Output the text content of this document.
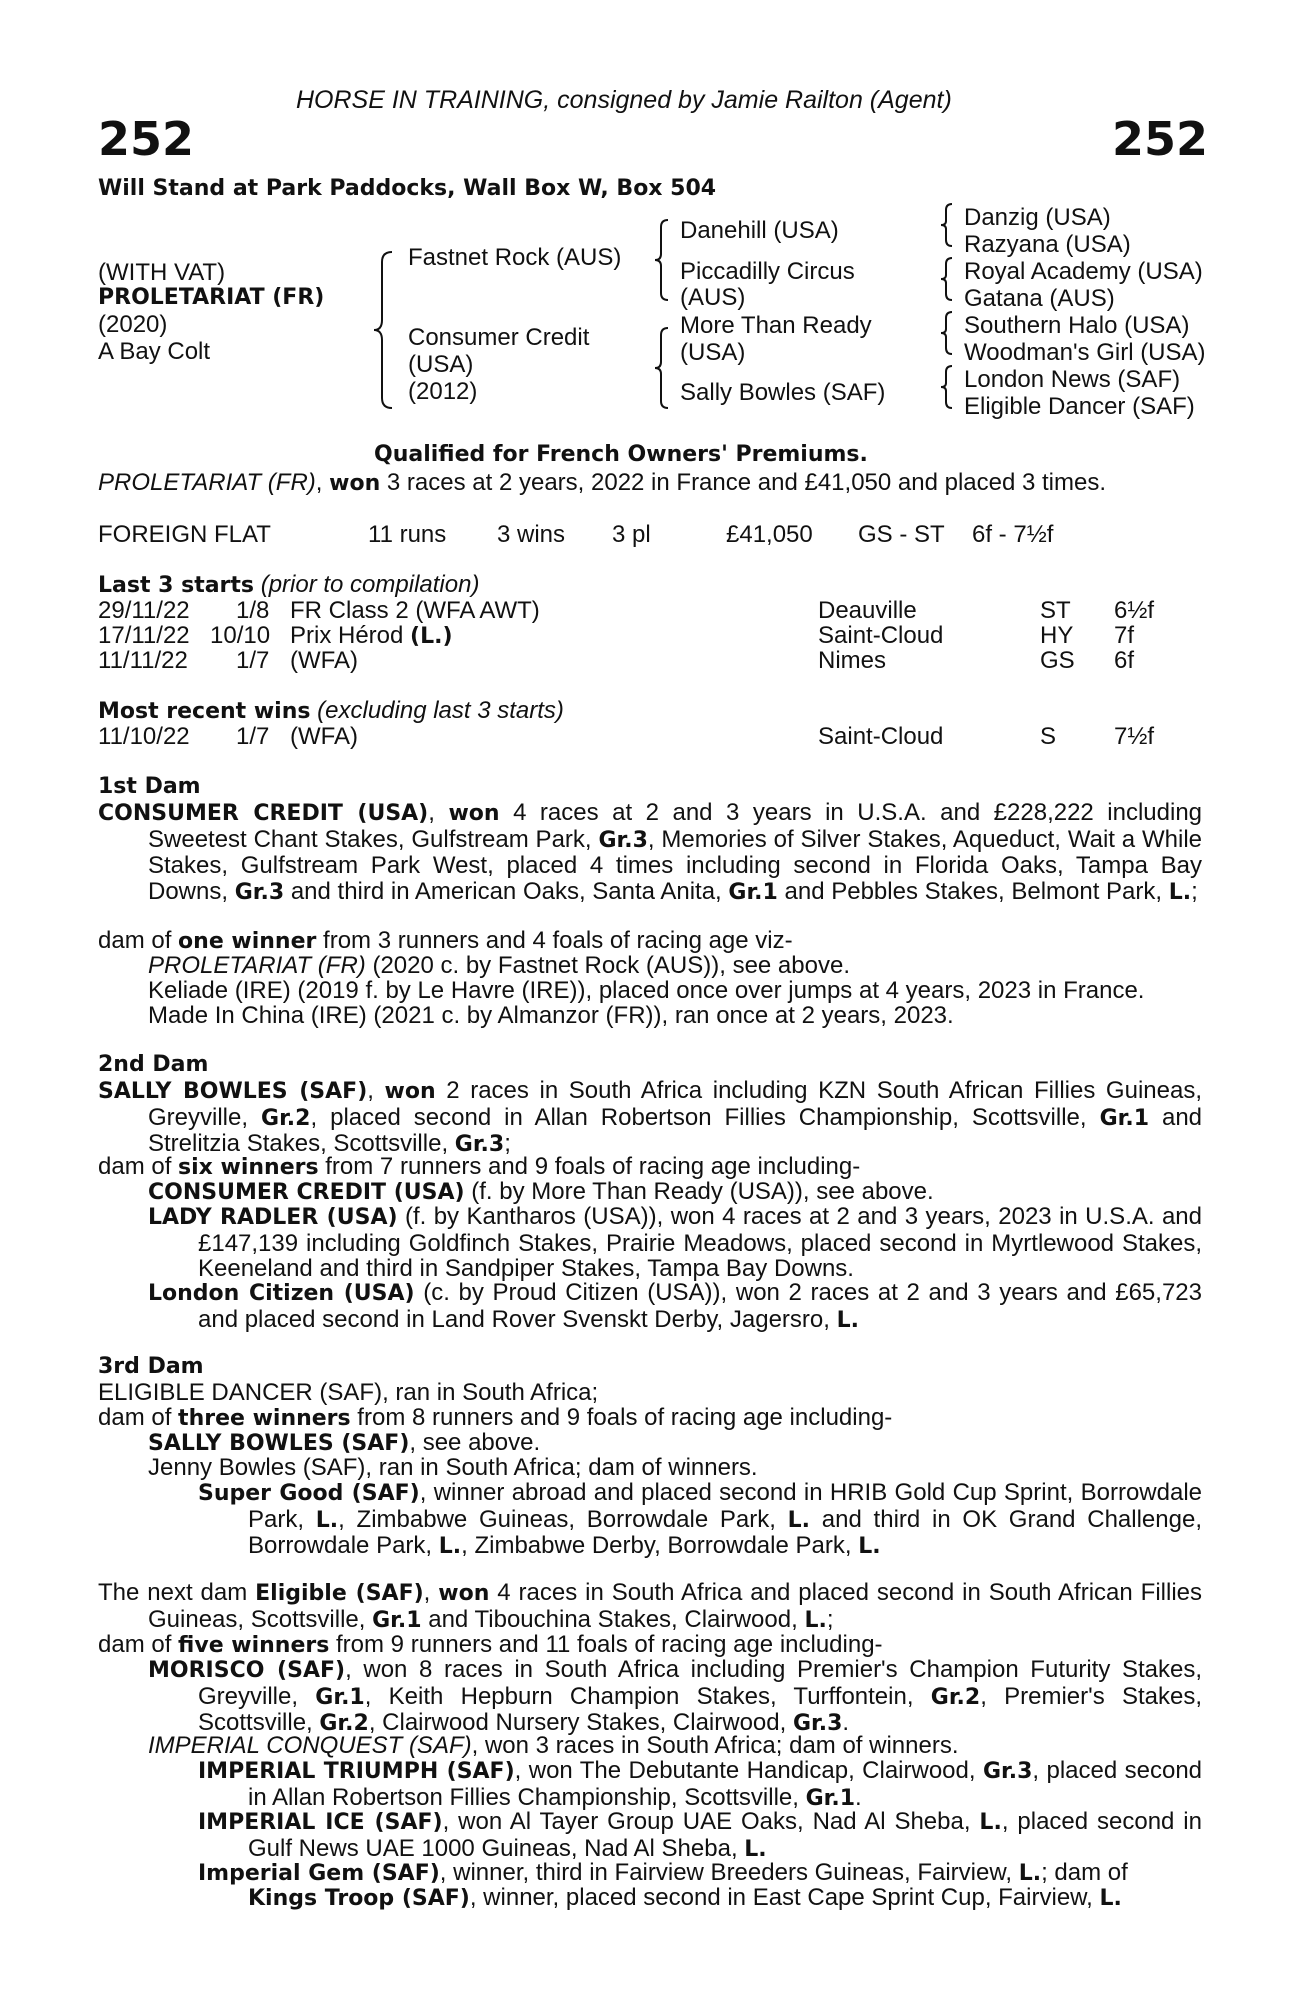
HORSE IN TRAINING, consigned by Jamie Railton (Agent)
252	252
Will Stand at Park Paddocks, Wall Box W, Box 504
(WITH VAT)
PROLETARIAT (FR)
(2020)
A Bay Colt
Fastnet Rock (AUS)
Consumer Credit
(USA)
(2012)
Danehill (USA)
Piccadilly Circus
(AUS)
More Than Ready
(USA)
Sally Bowles (SAF)
Danzig (USA)
Razyana (USA)
Royal Academy (USA)
Gatana (AUS)
Southern Halo (USA)
Woodman's Girl (USA)
London News (SAF)
Eligible Dancer (SAF)
Qualified for French Owners' Premiums.
PROLETARIAT (FR), won 3 races at 2 years, 2022 in France and £41,050 and placed 3 times.
FOREIGN FLAT	11 runs 3 wins 3 pl	£41,050 GS - ST 6f - 7½f
Last 3 starts (prior to compilation)
29/11/22 1/8 FR Class 2 (WFA AWT)	Deauville	ST 6½f
17/11/22 10/10 Prix Hérod (L.)	Saint-Cloud	HY 7f
11/11/22 1/7 (WFA)	Nimes	GS 6f
Most recent wins (excluding last 3 starts)
11/10/22 1/7 (WFA)	Saint-Cloud	S 7½f
1st Dam
CONSUMER CREDIT (USA), won 4 races at 2 and 3 years in U.S.A. and £228,222 including Sweetest Chant Stakes, Gulfstream Park, Gr.3, Memories of Silver Stakes, Aqueduct, Wait a While Stakes, Gulfstream Park West, placed 4 times including second in Florida Oaks, Tampa Bay Downs, Gr.3 and third in American Oaks, Santa Anita, Gr.1 and Pebbles Stakes, Belmont Park, L.;
dam of one winner from 3 runners and 4 foals of racing age viz-
PROLETARIAT (FR) (2020 c. by Fastnet Rock (AUS)), see above.
Keliade (IRE) (2019 f. by Le Havre (IRE)), placed once over jumps at 4 years, 2023 in France.
Made In China (IRE) (2021 c. by Almanzor (FR)), ran once at 2 years, 2023.
2nd Dam
SALLY BOWLES (SAF), won 2 races in South Africa including KZN South African Fillies Guineas, Greyville, Gr.2, placed second in Allan Robertson Fillies Championship, Scottsville, Gr.1 and Strelitzia Stakes, Scottsville, Gr.3;
dam of six winners from 7 runners and 9 foals of racing age including-
CONSUMER CREDIT (USA) (f. by More Than Ready (USA)), see above.
LADY RADLER (USA) (f. by Kantharos (USA)), won 4 races at 2 and 3 years, 2023 in U.S.A. and £147,139 including Goldfinch Stakes, Prairie Meadows, placed second in Myrtlewood Stakes, Keeneland and third in Sandpiper Stakes, Tampa Bay Downs.
London Citizen (USA) (c. by Proud Citizen (USA)), won 2 races at 2 and 3 years and £65,723 and placed second in Land Rover Svenskt Derby, Jagersro, L.
3rd Dam
ELIGIBLE DANCER (SAF), ran in South Africa;
dam of three winners from 8 runners and 9 foals of racing age including-
SALLY BOWLES (SAF), see above.
Jenny Bowles (SAF), ran in South Africa; dam of winners.
Super Good (SAF), winner abroad and placed second in HRIB Gold Cup Sprint, Borrowdale Park, L., Zimbabwe Guineas, Borrowdale Park, L. and third in OK Grand Challenge, Borrowdale Park, L., Zimbabwe Derby, Borrowdale Park, L.
The next dam Eligible (SAF), won 4 races in South Africa and placed second in South African Fillies Guineas, Scottsville, Gr.1 and Tibouchina Stakes, Clairwood, L.;
dam of five winners from 9 runners and 11 foals of racing age including-
MORISCO (SAF), won 8 races in South Africa including Premier's Champion Futurity Stakes, Greyville, Gr.1, Keith Hepburn Champion Stakes, Turffontein, Gr.2, Premier's Stakes, Scottsville, Gr.2, Clairwood Nursery Stakes, Clairwood, Gr.3.
IMPERIAL CONQUEST (SAF), won 3 races in South Africa; dam of winners.
IMPERIAL TRIUMPH (SAF), won The Debutante Handicap, Clairwood, Gr.3, placed second in Allan Robertson Fillies Championship, Scottsville, Gr.1.
IMPERIAL ICE (SAF), won Al Tayer Group UAE Oaks, Nad Al Sheba, L., placed second in Gulf News UAE 1000 Guineas, Nad Al Sheba, L.
Imperial Gem (SAF), winner, third in Fairview Breeders Guineas, Fairview, L.; dam of
Kings Troop (SAF), winner, placed second in East Cape Sprint Cup, Fairview, L.
